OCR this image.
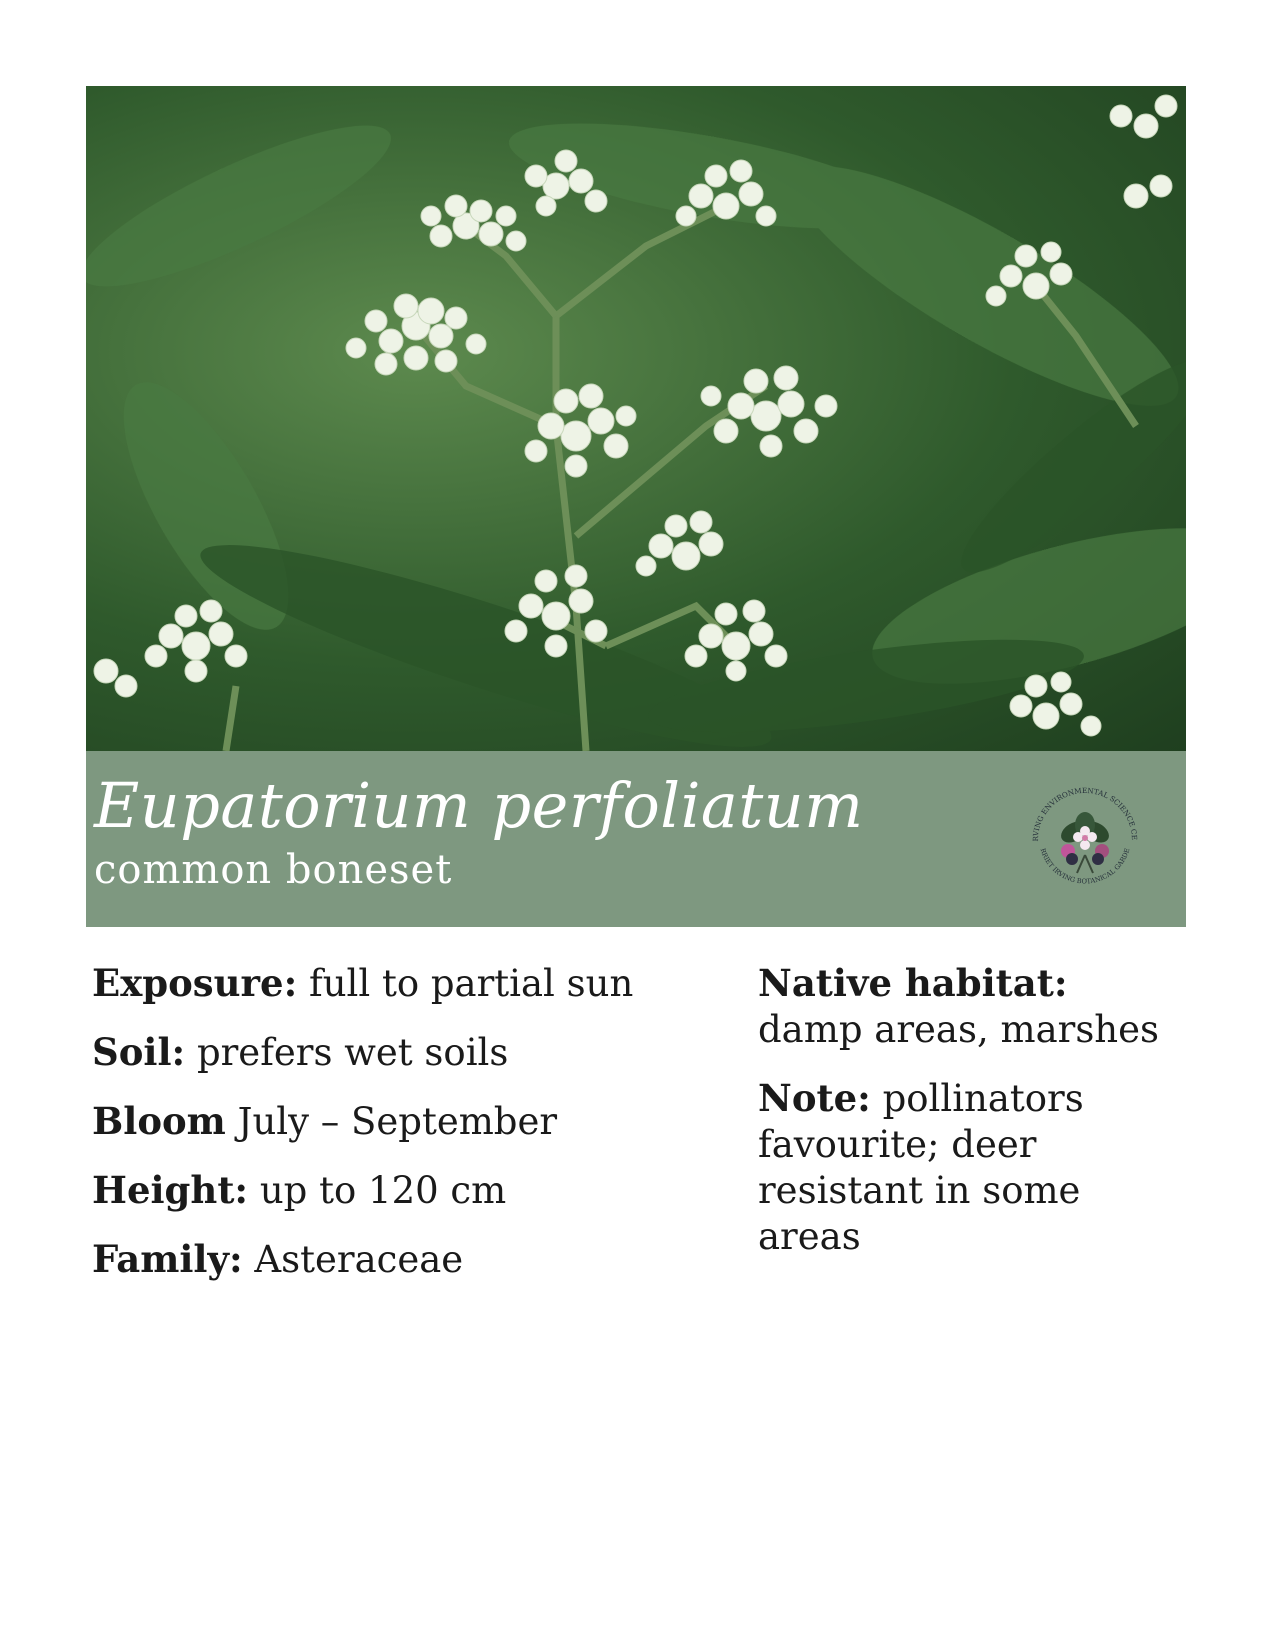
Eupatorium perfoliatum
common boneset
RVING ENVIRONMENTAL SCIENCE CE
RRIET IRVING BOTANICAL GARDE
Exposure: full to partial sun
Soil: prefers wet soils
Bloom July – September
Height: up to 120 cm
Family: Asteraceae
Native habitat: damp areas, marshes
Note: pollinators favourite; deer resistant in some areas
